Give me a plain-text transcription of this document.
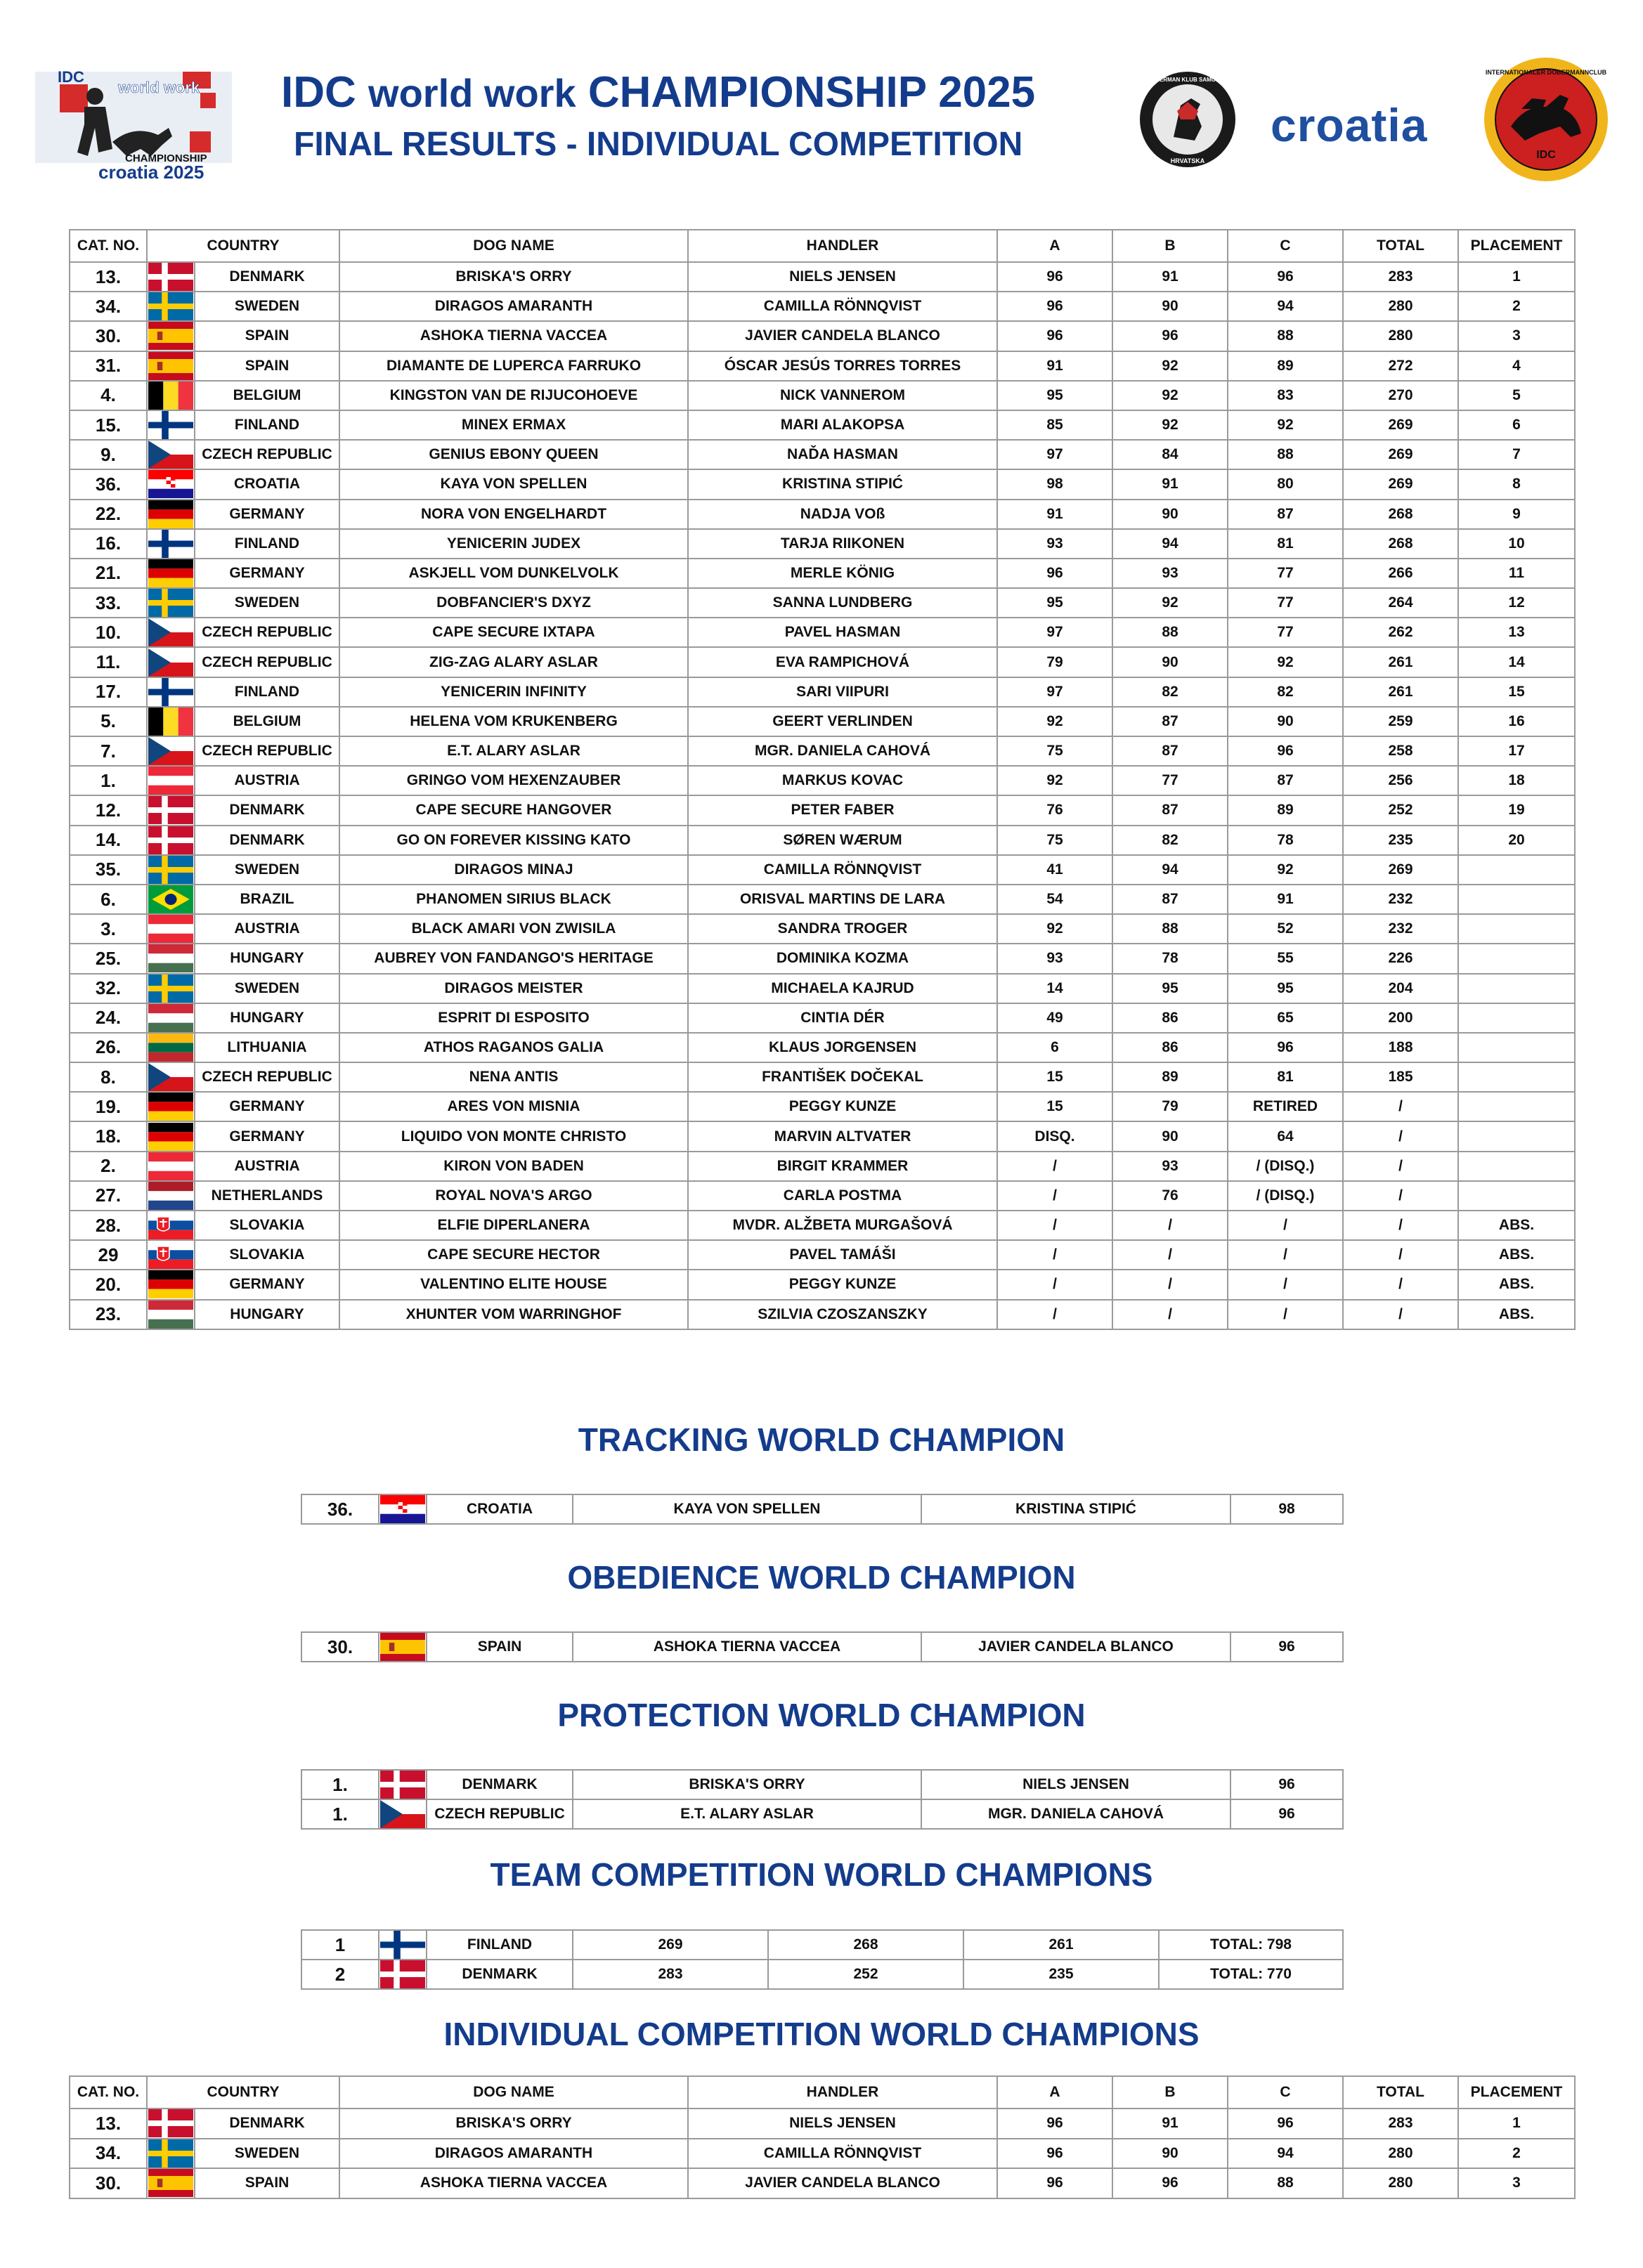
IDC
world work
CHAMPIONSHIP
croatia 2025
IDC world work CHAMPIONSHIP 2025
FINAL RESULTS - INDIVIDUAL COMPETITION
DOBERMAN KLUB SAMOBOR
HRVATSKA
croatia
IDC
INTERNATIONALER DOBERMANNCLUB
CAT. NO.	COUNTRY		DOG NAME	HANDLER	A	B	C	TOTAL	PLACEMENT
13.		DENMARK	BRISKA'S ORRY	NIELS JENSEN	96	91	96	283	1
34.		SWEDEN	DIRAGOS AMARANTH	CAMILLA RÖNNQVIST	96	90	94	280	2
30.		SPAIN	ASHOKA TIERNA VACCEA	JAVIER CANDELA BLANCO	96	96	88	280	3
31.		SPAIN	DIAMANTE DE LUPERCA FARRUKO	ÓSCAR JESÚS TORRES TORRES	91	92	89	272	4
4.		BELGIUM	KINGSTON VAN DE RIJUCOHOEVE	NICK VANNEROM	95	92	83	270	5
15.		FINLAND	MINEX ERMAX	MARI ALAKOPSA	85	92	92	269	6
9.		CZECH REPUBLIC	GENIUS EBONY QUEEN	NAĎA HASMAN	97	84	88	269	7
36.		CROATIA	KAYA VON SPELLEN	KRISTINA STIPIĆ	98	91	80	269	8
22.		GERMANY	NORA VON ENGELHARDT	NADJA VOß	91	90	87	268	9
16.		FINLAND	YENICERIN JUDEX	TARJA RIIKONEN	93	94	81	268	10
21.		GERMANY	ASKJELL VOM DUNKELVOLK	MERLE KÖNIG	96	93	77	266	11
33.		SWEDEN	DOBFANCIER'S DXYZ	SANNA LUNDBERG	95	92	77	264	12
10.		CZECH REPUBLIC	CAPE SECURE IXTAPA	PAVEL HASMAN	97	88	77	262	13
11.		CZECH REPUBLIC	ZIG-ZAG ALARY ASLAR	EVA RAMPICHOVÁ	79	90	92	261	14
17.		FINLAND	YENICERIN INFINITY	SARI VIIPURI	97	82	82	261	15
5.		BELGIUM	HELENA VOM KRUKENBERG	GEERT VERLINDEN	92	87	90	259	16
7.		CZECH REPUBLIC	E.T. ALARY ASLAR	MGR. DANIELA CAHOVÁ	75	87	96	258	17
1.		AUSTRIA	GRINGO VOM HEXENZAUBER	MARKUS KOVAC	92	77	87	256	18
12.		DENMARK	CAPE SECURE HANGOVER	PETER FABER	76	87	89	252	19
14.		DENMARK	GO ON FOREVER KISSING KATO	SØREN WÆRUM	75	82	78	235	20
35.		SWEDEN	DIRAGOS MINAJ	CAMILLA RÖNNQVIST	41	94	92	269	
6.		BRAZIL	PHANOMEN SIRIUS BLACK	ORISVAL MARTINS DE LARA	54	87	91	232	
3.		AUSTRIA	BLACK AMARI VON ZWISILA	SANDRA TROGER	92	88	52	232	
25.		HUNGARY	AUBREY VON FANDANGO'S HERITAGE	DOMINIKA KOZMA	93	78	55	226	
32.		SWEDEN	DIRAGOS MEISTER	MICHAELA KAJRUD	14	95	95	204	
24.		HUNGARY	ESPRIT DI ESPOSITO	CINTIA DÉR	49	86	65	200	
26.		LITHUANIA	ATHOS RAGANOS GALIA	KLAUS JORGENSEN	6	86	96	188	
8.		CZECH REPUBLIC	NENA ANTIS	FRANTIŠEK DOČEKAL	15	89	81	185	
19.		GERMANY	ARES VON MISNIA	PEGGY KUNZE	15	79	RETIRED	/	
18.		GERMANY	LIQUIDO VON MONTE CHRISTO	MARVIN ALTVATER	DISQ.	90	64	/	
2.		AUSTRIA	KIRON VON BADEN	BIRGIT KRAMMER	/	93	/ (DISQ.)	/	
27.		NETHERLANDS	ROYAL NOVA'S ARGO	CARLA POSTMA	/	76	/ (DISQ.)	/	
28.		SLOVAKIA	ELFIE DIPERLANERA	MVDR. ALŽBETA MURGAŠOVÁ	/	/	/	/	ABS.
29		SLOVAKIA	CAPE SECURE HECTOR	PAVEL TAMÁŠI	/	/	/	/	ABS.
20.		GERMANY	VALENTINO ELITE HOUSE	PEGGY KUNZE	/	/	/	/	ABS.
23.		HUNGARY	XHUNTER VOM WARRINGHOF	SZILVIA CZOSZANSZKY	/	/	/	/	ABS.
TRACKING WORLD CHAMPION
36.		CROATIA	KAYA VON SPELLEN	KRISTINA STIPIĆ	98
OBEDIENCE WORLD CHAMPION
30.		SPAIN	ASHOKA TIERNA VACCEA	JAVIER CANDELA BLANCO	96
PROTECTION WORLD CHAMPION
1.		DENMARK	BRISKA'S ORRY	NIELS JENSEN	96
1.		CZECH REPUBLIC	E.T. ALARY ASLAR	MGR. DANIELA CAHOVÁ	96
TEAM COMPETITION WORLD CHAMPIONS
1		FINLAND	269	268	261	TOTAL: 798
2		DENMARK	283	252	235	TOTAL: 770
INDIVIDUAL COMPETITION WORLD CHAMPIONS
CAT. NO.	COUNTRY		DOG NAME	HANDLER	A	B	C	TOTAL	PLACEMENT
13.		DENMARK	BRISKA'S ORRY	NIELS JENSEN	96	91	96	283	1
34.		SWEDEN	DIRAGOS AMARANTH	CAMILLA RÖNNQVIST	96	90	94	280	2
30.		SPAIN	ASHOKA TIERNA VACCEA	JAVIER CANDELA BLANCO	96	96	88	280	3
